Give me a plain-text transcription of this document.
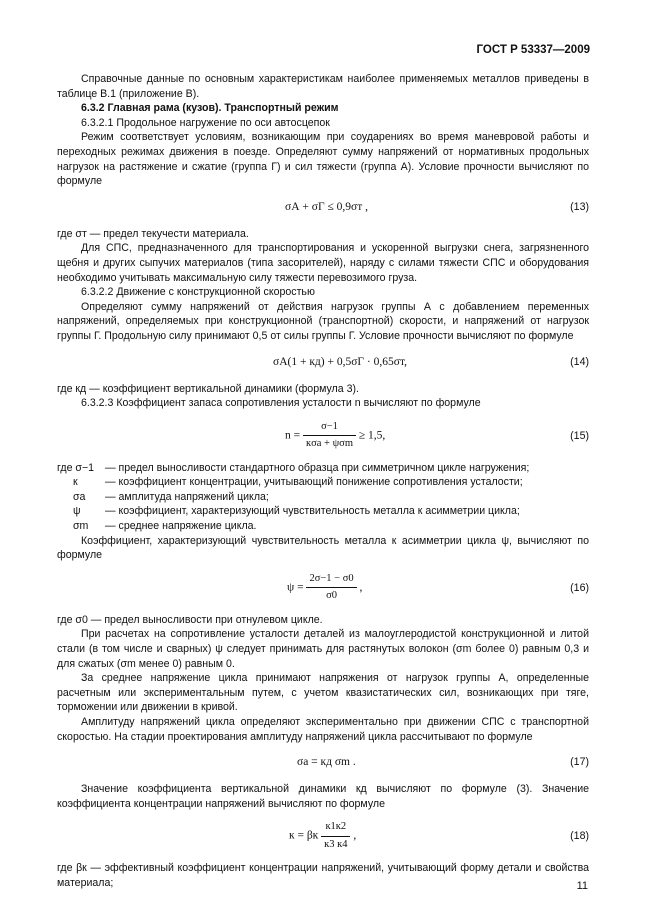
ГОСТ Р 53337—2009

Справочные данные по основным характеристикам наиболее применяемых металлов приведены в таблице В.1 (приложение В).

6.3.2 Главная рама (кузов). Транспортный режим

6.3.2.1 Продольное нагружение по оси автосцепок

Режим соответствует условиям, возникающим при соударениях во время маневровой работы и переходных режимах движения в поезде. Определяют сумму напряжений от нормативных продольных нагрузок на растяжение и сжатие (группа Г) и сил тяжести (группа А). Условие прочности вычисляют по формуле

σА + σГ ≤ 0,9σт ,	(13)

где σт — предел текучести материала.

Для СПС, предназначенного для транспортирования и ускоренной выгрузки снега, загрязненного щебня и других сыпучих материалов (типа засорителей), наряду с силами тяжести СПС и оборудования необходимо учитывать максимальную силу тяжести перевозимого груза.

6.3.2.2 Движение с конструкционной скоростью

Определяют сумму напряжений от действия нагрузок группы А с добавлением переменных напряжений, определяемых при конструкционной (транспортной) скорости, и напряжений от нагрузок группы Г. Продольную силу принимают 0,5 от силы группы Г. Условие прочности вычисляют по формуле

σА(1 + кд) + 0,5σГ · 0,65σт,	(14)

где кд — коэффициент вертикальной динамики (формула 3).

6.3.2.3 Коэффициент запаса сопротивления усталости n вычисляют по формуле

$n = \frac{\sigma-1}{\text{кσa + ψσm}} \ge 1,5$,	(15)
где σ−1	— предел выносливости стандартного образца при симметричном цикле нагружения;
к	— коэффициент концентрации, учитывающий понижение сопротивления усталости;
σa	— амплитуда напряжений цикла;
ψ	— коэффициент, характеризующий чувствительность металла к асимметрии цикла;
σm	— среднее напряжение цикла.

Коэффициент, характеризующий чувствительность металла к асимметрии цикла ψ, вычисляют по формуле

$\psi = \frac{2\sigma-1 - \sigma 0}{\sigma 0}$ ,	(16)

где σ0 — предел выносливости при отнулевом цикле.

При расчетах на сопротивление усталости деталей из малоуглеродистой конструкционной и литой стали (в том числе и сварных) ψ следует принимать для растянутых волокон (σm более 0) равным 0,3 и для сжатых (σm менее 0) равным 0.

За среднее напряжение цикла принимают напряжения от нагрузок группы А, определенные расчетным или экспериментальным путем, с учетом квазистатических сил, возникающих при тяге, торможении или движении в кривой.

Амплитуду напряжений цикла определяют экспериментально при движении СПС с транспортной скоростью. На стадии проектирования амплитуду напряжений цикла рассчитывают по формуле

σa = кд σm .	(17)

Значение коэффициента вертикальной динамики кд вычисляют по формуле (3). Значение коэффициента концентрации напряжений вычисляют по формуле

к = βк $\frac{к1к2}{к3 к4}$ ,	(18)

где βк — эффективный коэффициент концентрации напряжений, учитывающий форму детали и свойства материала;	11
